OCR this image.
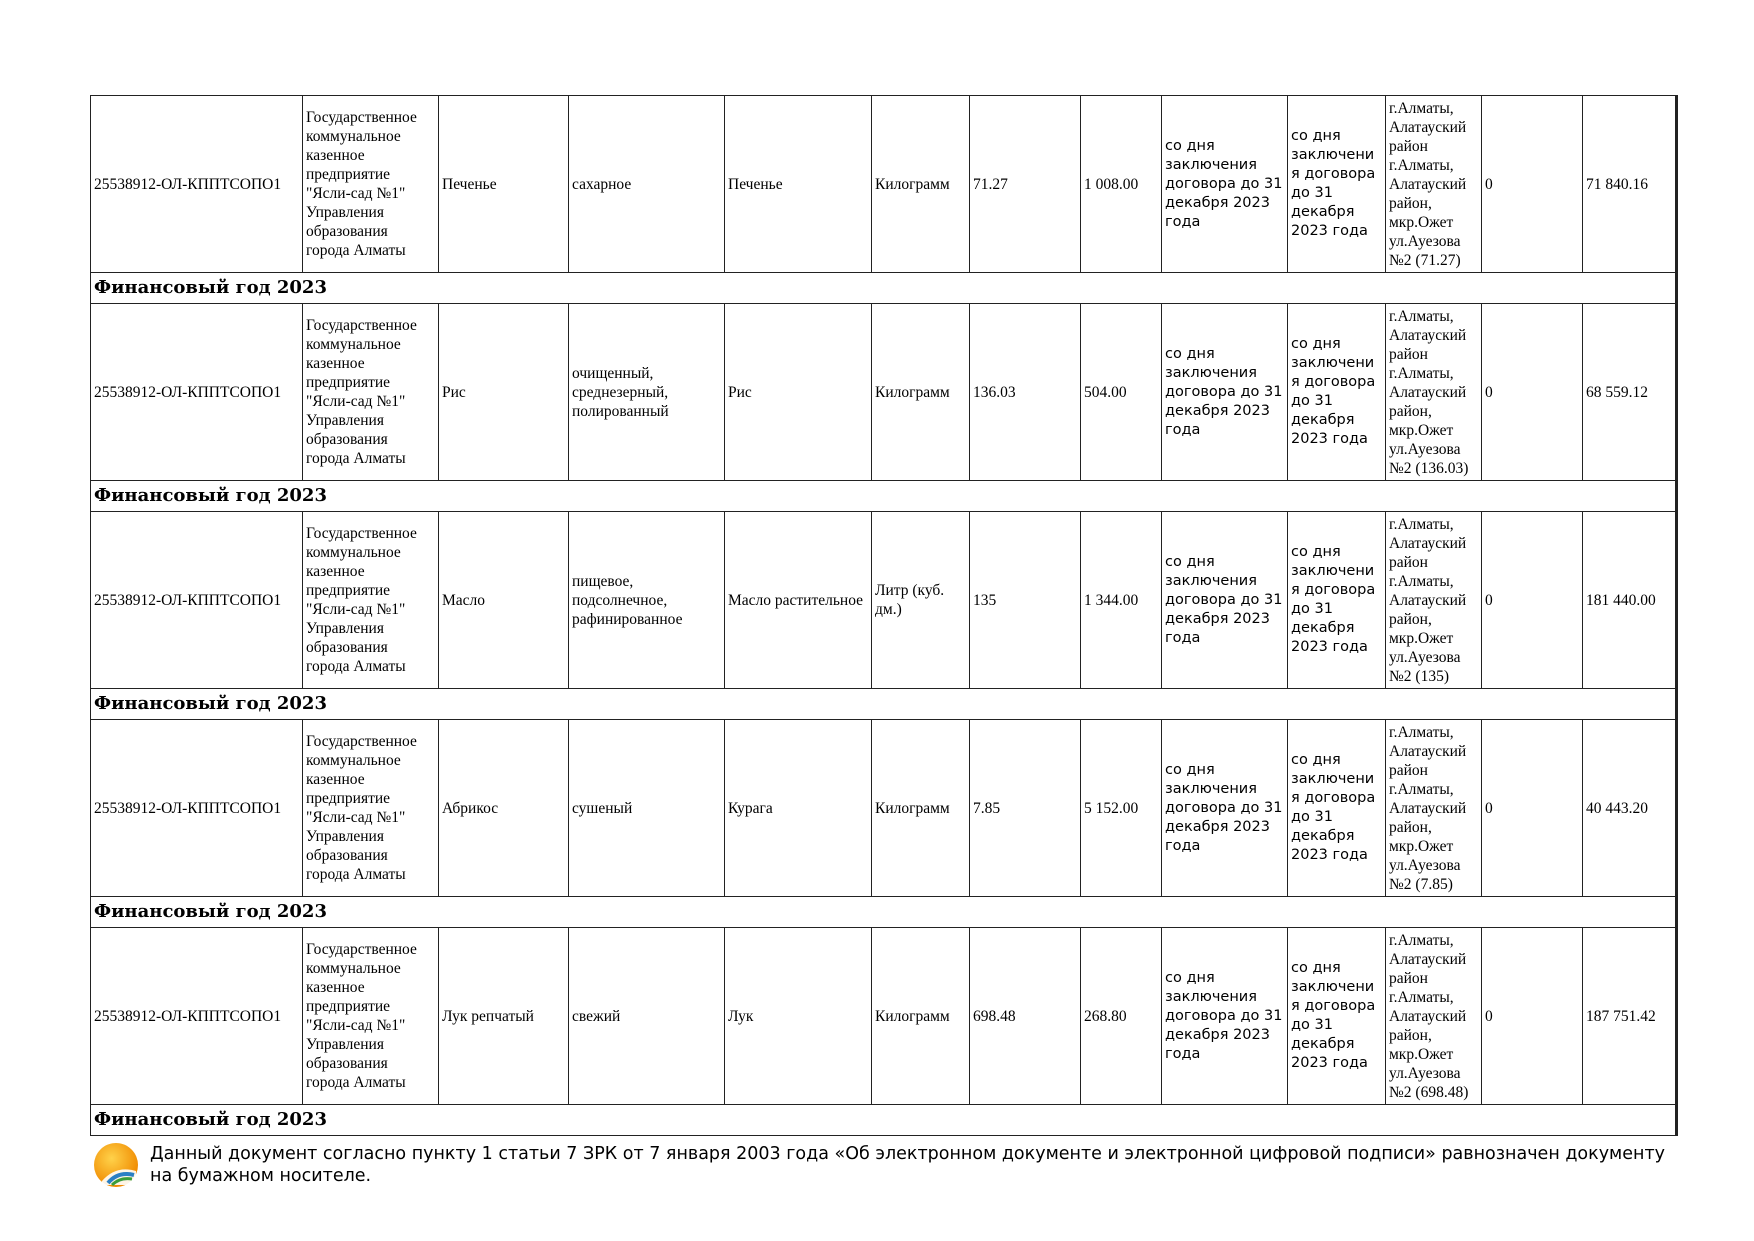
25538912-ОЛ-КППТСОПО1	Государственное коммунальное казенное предприятие "Ясли-сад №1" Управления образования города Алматы	Печенье	сахарное	Печенье	Килограмм	71.27	1 008.00	со дня заключения договора до 31 декабря 2023 года	со дня заключения договора до 31 декабря 2023 года	г.Алматы, Алатауский район г.Алматы, Алатауский район, мкр.Ожет ул.Ауезова №2 (71.27)	0	71 840.16
Финансовый год 2023												
25538912-ОЛ-КППТСОПО1	Государственное коммунальное казенное предприятие "Ясли-сад №1" Управления образования города Алматы	Рис	очищенный, среднезерный, полированный	Рис	Килограмм	136.03	504.00	со дня заключения договора до 31 декабря 2023 года	со дня заключения договора до 31 декабря 2023 года	г.Алматы, Алатауский район г.Алматы, Алатауский район, мкр.Ожет ул.Ауезова №2 (136.03)	0	68 559.12
Финансовый год 2023												
25538912-ОЛ-КППТСОПО1	Государственное коммунальное казенное предприятие "Ясли-сад №1" Управления образования города Алматы	Масло	пищевое, подсолнечное, рафинированное	Масло растительное	Литр (куб. дм.)	135	1 344.00	со дня заключения договора до 31 декабря 2023 года	со дня заключения договора до 31 декабря 2023 года	г.Алматы, Алатауский район г.Алматы, Алатауский район, мкр.Ожет ул.Ауезова №2 (135)	0	181 440.00
Финансовый год 2023												
25538912-ОЛ-КППТСОПО1	Государственное коммунальное казенное предприятие "Ясли-сад №1" Управления образования города Алматы	Абрикос	сушеный	Курага	Килограмм	7.85	5 152.00	со дня заключения договора до 31 декабря 2023 года	со дня заключения договора до 31 декабря 2023 года	г.Алматы, Алатауский район г.Алматы, Алатауский район, мкр.Ожет ул.Ауезова №2 (7.85)	0	40 443.20
Финансовый год 2023												
25538912-ОЛ-КППТСОПО1	Государственное коммунальное казенное предприятие "Ясли-сад №1" Управления образования города Алматы	Лук репчатый	свежий	Лук	Килограмм	698.48	268.80	со дня заключения договора до 31 декабря 2023 года	со дня заключения договора до 31 декабря 2023 года	г.Алматы, Алатауский район г.Алматы, Алатауский район, мкр.Ожет ул.Ауезова №2 (698.48)	0	187 751.42
Финансовый год 2023												
Данный документ согласно пункту 1 статьи 7 ЗРК от 7 января 2003 года «Об электронном документе и электронной цифровой подписи» равнозначен документу на бумажном носителе.
